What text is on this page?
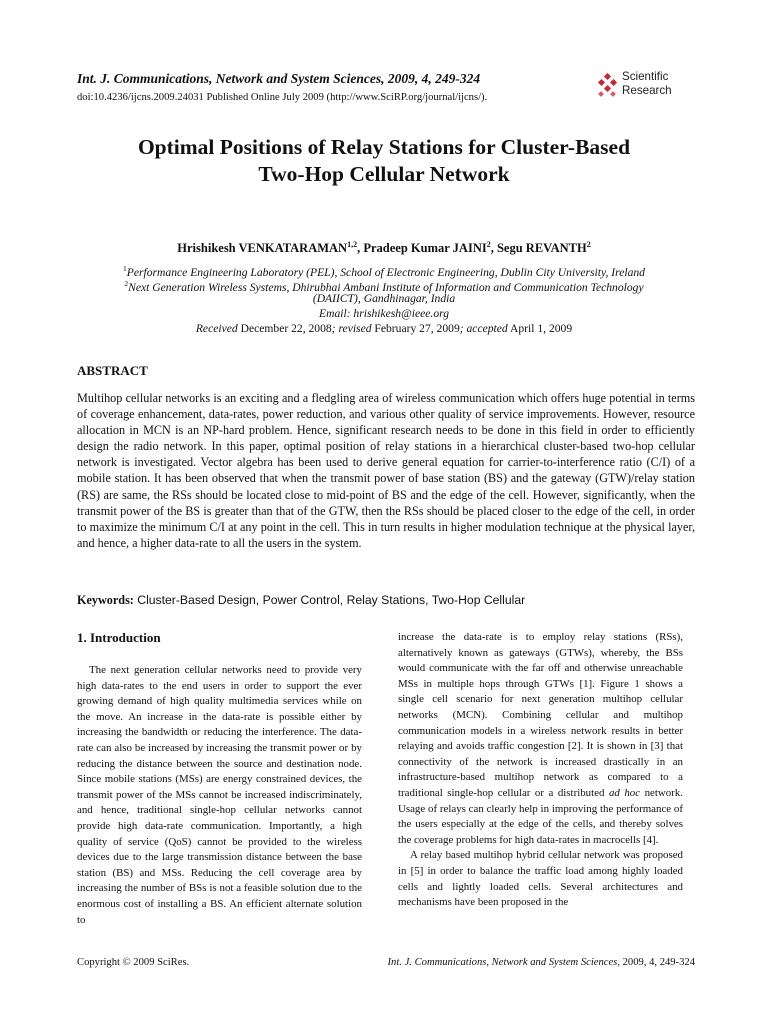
Int. J. Communications, Network and System Sciences, 2009, 4, 249-324
doi:10.4236/ijcns.2009.24031 Published Online July 2009 (http://www.SciRP.org/journal/ijcns/).
Scientific
Research
Optimal Positions of Relay Stations for Cluster-Based
Two-Hop Cellular Network
Hrishikesh VENKATARAMAN$^{1,2}$, Pradeep Kumar JAINI$^2$, Segu REVANTH$^2$
$^1$Performance Engineering Laboratory (PEL), School of Electronic Engineering, Dublin City University, Ireland
$^2$Next Generation Wireless Systems, Dhirubhai Ambani Institute of Information and Communication Technology
(DAIICT), Gandhinagar, India
Email: hrishikesh@ieee.org
Received December 22, 2008; revised February 27, 2009; accepted April 1, 2009
ABSTRACT
Multihop cellular networks is an exciting and a fledgling area of wireless communication which offers huge potential in terms of coverage enhancement, data-rates, power reduction, and various other quality of service improvements. However, resource allocation in MCN is an NP-hard problem. Hence, significant research needs to be done in this field in order to efficiently design the radio network. In this paper, optimal position of relay stations in a hierarchical cluster-based two-hop cellular network is investigated. Vector algebra has been used to derive general equation for carrier-to-interference ratio (C/I) of a mobile station. It has been observed that when the transmit power of base station (BS) and the gateway (GTW)/relay station (RS) are same, the RSs should be located close to mid-point of BS and the edge of the cell. However, significantly, when the transmit power of the BS is greater than that of the GTW, then the RSs should be placed closer to the edge of the cell, in order to maximize the minimum C/I at any point in the cell. This in turn results in higher modulation technique at the physical layer, and hence, a higher data-rate to all the users in the system.
Keywords: Cluster-Based Design, Power Control, Relay Stations, Two-Hop Cellular
1. Introduction

The next generation cellular networks need to provide very high data-rates to the end users in order to support the ever growing demand of high quality multimedia services while on the move. An increase in the data-rate is possible either by increasing the bandwidth or reducing the interference. The data-rate can also be increased by increasing the transmit power or by reducing the distance between the source and destination node. Since mobile stations (MSs) are energy constrained devices, the transmit power of the MSs cannot be increased indiscriminately, and hence, traditional single-hop cellular networks cannot provide high data-rate communication. Importantly, a high quality of service (QoS) cannot be provided to the wireless devices due to the large transmission distance between the base station (BS) and MSs. Reducing the cell coverage area by increasing the number of BSs is not a feasible solution due to the enormous cost of installing a BS. An efficient alternate solution to

increase the data-rate is to employ relay stations (RSs), alternatively known as gateways (GTWs), whereby, the BSs would communicate with the far off and otherwise unreachable MSs in multiple hops through GTWs [1]. Figure 1 shows a single cell scenario for next generation multihop cellular networks (MCN). Combining cellular and multihop communication models in a wireless network results in better relaying and avoids traffic congestion [2]. It is shown in [3] that connectivity of the network is increased drastically in an infrastructure-based multihop network as compared to a traditional single-hop cellular or a distributed ad hoc network. Usage of relays can clearly help in improving the performance of the users especially at the edge of the cells, and thereby solves the coverage problems for high data-rates in macrocells [4].

A relay based multihop hybrid cellular network was proposed in [5] in order to balance the traffic load among highly loaded cells and lightly loaded cells. Several architectures and mechanisms have been proposed in the

Copyright © 2009 SciRes.	Int. J. Communications, Network and System Sciences, 2009, 4, 249-324
